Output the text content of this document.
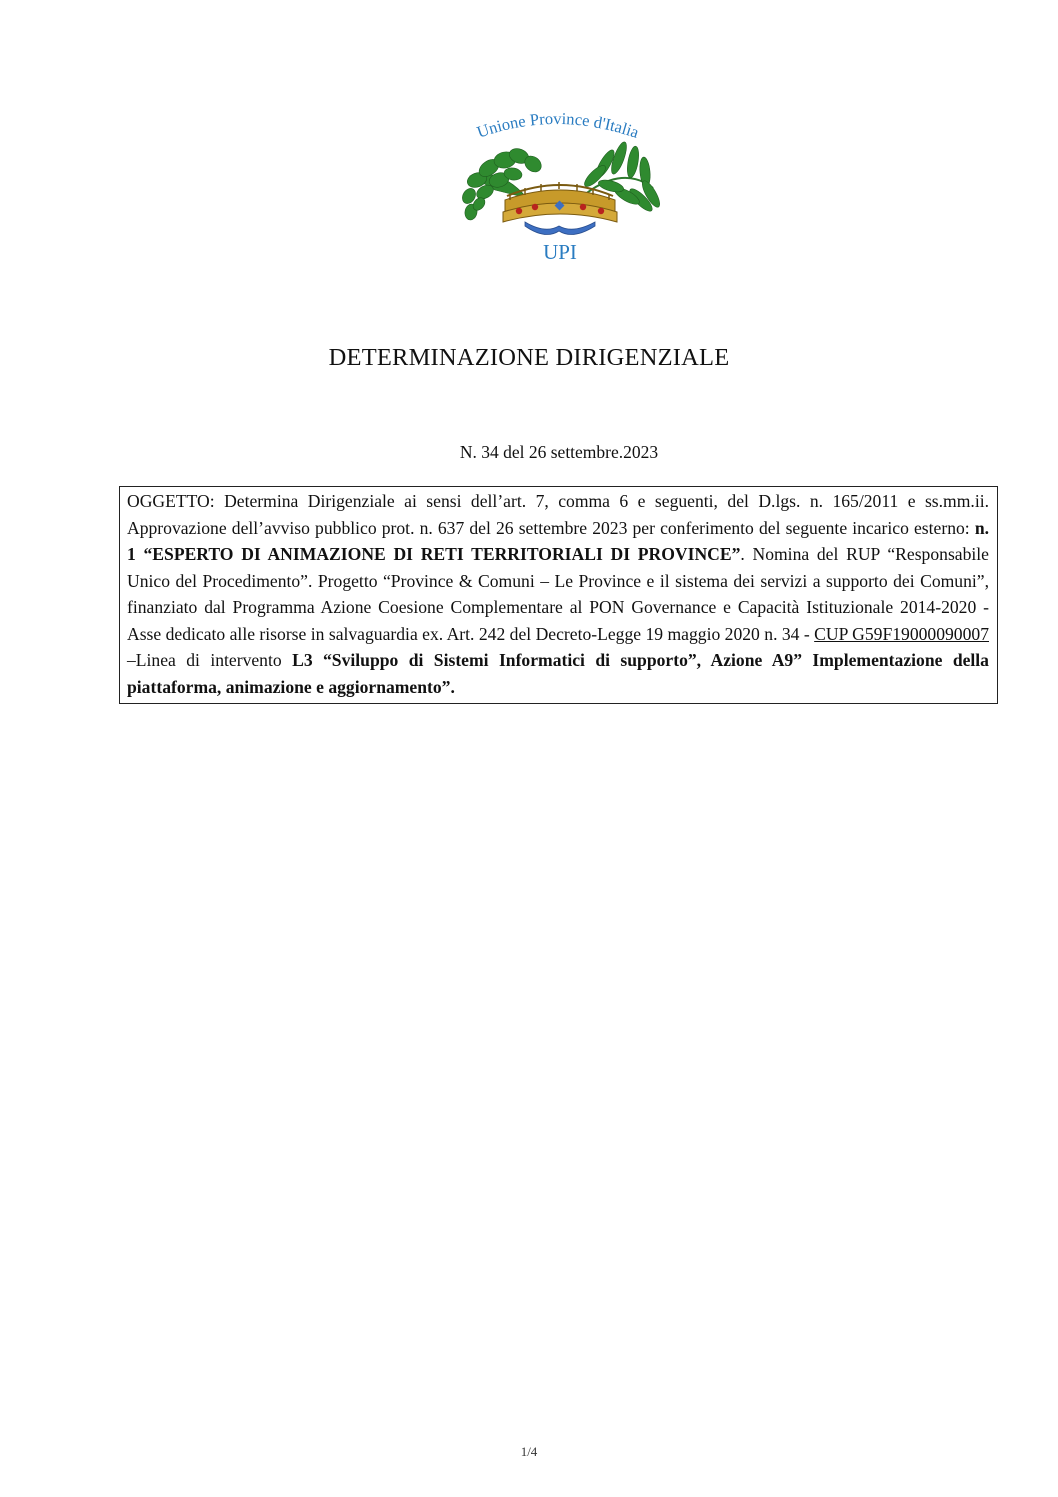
Unione Province d'Italia
UPI
DETERMINAZIONE DIRIGENZIALE
N. 34 del 26 settembre.2023
OGGETTO: Determina Dirigenziale ai sensi dell’art. 7, comma 6 e seguenti, del D.lgs. n. 165/2011 e ss.mm.ii. Approvazione dell’avviso pubblico prot. n. 637 del 26 settembre 2023 per conferimento del seguente incarico esterno: n. 1 “ESPERTO DI ANIMAZIONE DI RETI TERRITORIALI DI PROVINCE”. Nomina del RUP “Responsabile Unico del Procedimento”. Progetto “Province & Comuni – Le Province e il sistema dei servizi a supporto dei Comuni”, finanziato dal Programma Azione Coesione Complementare al PON Governance e Capacità Istituzionale 2014-2020 - Asse dedicato alle risorse in salvaguardia ex. Art. 242 del Decreto-Legge 19 maggio 2020 n. 34 - CUP G59F19000090007 –Linea di intervento L3 “Sviluppo di Sistemi Informatici di supporto”, Azione A9” Implementazione della piattaforma, animazione e aggiornamento”.
1/4
